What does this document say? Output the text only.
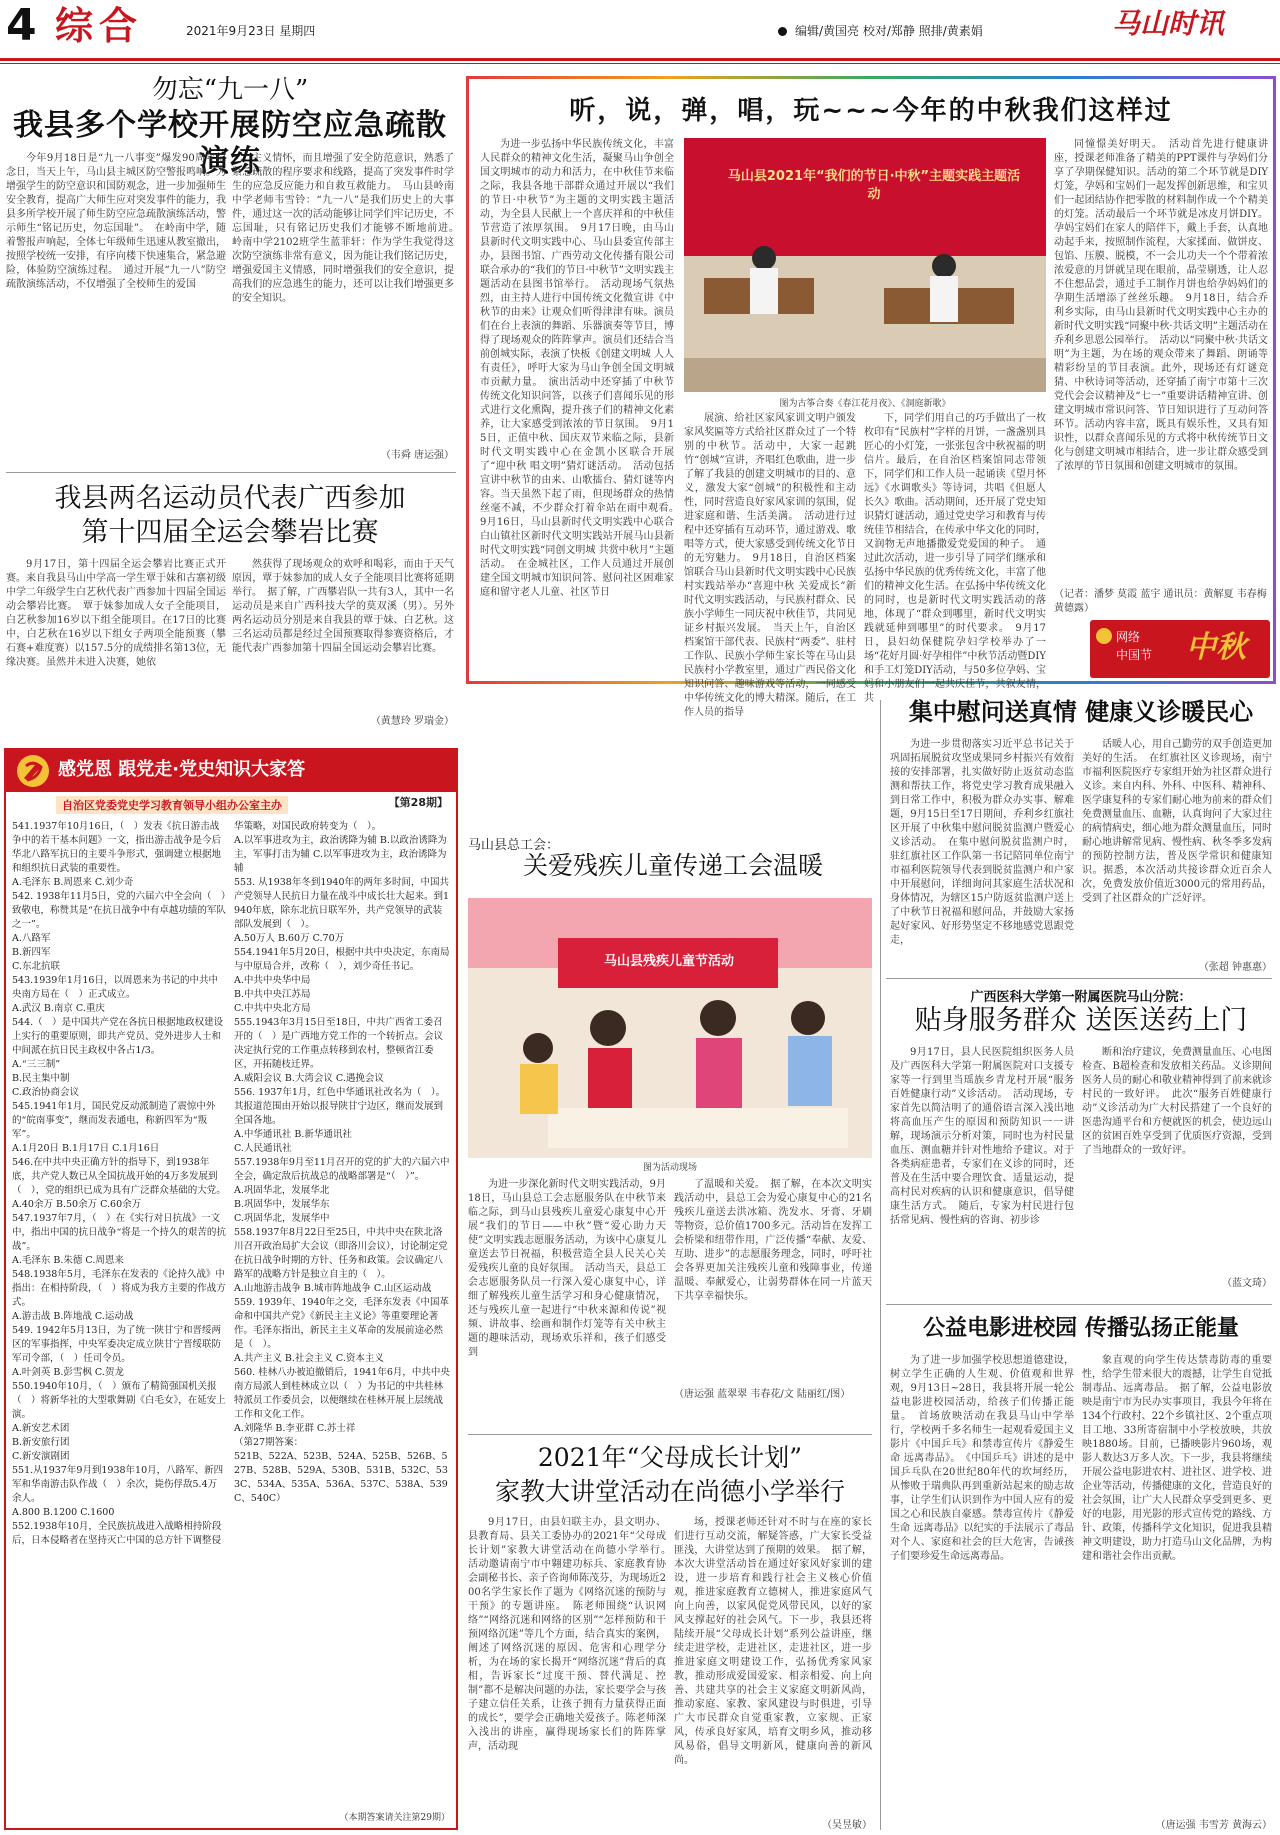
4 综合	2021年9月23日 星期四	编辑/黄国亮 校对/郑静 照排/黄素娟	马山时讯
勿忘“九一八”
我县多个学校开展防空应急疏散演练
今年9月18日是“九一八事变”爆发90周年纪念日，当天上午，马山县主城区防空警报鸣响。为增强学生的防空意识和国防观念，进一步加强师生安全教育，提高广大师生应对突发事件的能力，我县多所学校开展了师生防空应急疏散演练活动，警示师生“铭记历史，勿忘国耻”。　在岭南中学，随着警报声响起，全体七年级师生迅速从教室撤出，按照学校统一安排，有序向楼下快速集合，紧急避险，体验防空演练过程。　通过开展“九一八”防空疏散演练活动，不仅增强了全校师生的爱国
主义情怀，而且增强了安全防范意识，熟悉了紧急疏散的程序要求和线路，提高了突发事件时学生的应急反应能力和自救互救能力。　马山县岭南中学老师韦雪铃：“九一八”是我们历史上的大事件，通过这一次的活动能够让同学们牢记历史，不忘国耻，只有铭记历史我们才能够不断地前进。　岭南中学2102班学生蓝菲轩：作为学生我觉得这次防空演练非常有意义，因为能让我们铭记历史，增强爱国主义情感，同时增强我们的安全意识，提高我们的应急逃生的能力，还可以让我们增强更多的安全知识。
（韦舜 唐运强）
我县两名运动员代表广西参加
第十四届全运会攀岩比赛
9月17日，第十四届全运会攀岩比赛正式开赛。来自我县马山中学高一学生覃于妹和古寨初级中学二年级学生白艺秋代表广西参加十四届全国运动会攀岩比赛。　覃于妹参加成人女子全能项目，白艺秋参加16岁以下组全能项目。在17日的比赛中，白艺秋在16岁以下组女子两项全能预赛（攀石赛+难度赛）以157.5分的成绩排名第13位，无缘决赛。虽然并未进入决赛，她依
然获得了现场观众的欢呼和喝彩，而由于天气原因，覃于妹参加的成人女子全能项目比赛将延期举行。　据了解，广西攀岩队一共有3人，其中一名运动员是来自广西科技大学的莫双溪（男）。另外两名运动员分别是来自我县的覃于妹、白艺秋。这三名运动员都是经过全国预赛取得参赛资格后，才能代表广西参加第十四届全国运动会攀岩比赛。
（黄慧玲 罗瑞金）
感党恩 跟党走·党史知识大家答
自治区党委党史学习教育领导小组办公室主办	【第28期】

541.1937年10月16日，（　）发表《抗日游击战争中的若干基本问题》一文，指出游击战争是今后华北八路军抗日的主要斗争形式，强调建立根据地和组织抗日武装的重要性。

A.毛泽东 B.周恩来 C.刘少奇

542. 1938年11月5日，党的六届六中全会向（　）致敬电，称赞其是“在抗日战争中有卓越功绩的军队之一”。

A.八路军

B.新四军

C.东北抗联

543.1939年1月16日，以周恩来为书记的中共中央南方局在（　）正式成立。

A.武汉 B.南京 C.重庆

544.（　）是中国共产党在各抗日根据地政权建设上实行的重要原则，即共产党员、党外进步人士和中间派在抗日民主政权中各占1/3。

A.“三三制”

B.民主集中制

C.政治协商会议

545.1941年1月，国民党反动派制造了震惊中外的“皖南事变”，继而发表通电，称新四军为“叛军”。

A.1月20日 B.1月17日 C.1月16日

546.在中共中央正确方针的指导下，到1938年底，共产党人数已从全国抗战开始的4万多发展到（　），党的组织已成为具有广泛群众基础的大党。

A.40余万 B.50余万 C.60余万

547.1937年7月，（　）在《实行对日抗战》一文中，指出中国的抗日战争“将是一个持久的艰苦的抗战”。

A.毛泽东 B.朱德 C.周恩来

548.1938年5月，毛泽东在发表的《论持久战》中指出：在相持阶段，（　）将成为我方主要的作战方式。

A.游击战 B.阵地战 C.运动战

549. 1942年5月13日，为了统一陕甘宁和晋绥两区的军事指挥，中央军委决定成立陕甘宁晋绥联防军司令部，（　）任司令员。

A.叶剑英 B.彭雪枫 C.贺龙

550.1940年10月，（　）颁布了精简强国机关报（　）将新华社的大型歌舞剧《白毛女》，在延安上演。

A.新安艺术团

B.新安旅行团

C.新安演剧团

551.从1937年9月到1938年10月，八路军、新四军和华南游击队作战（　）余次，毙伤俘敌5.4万余人。

A.800 B.1200 C.1600

552.1938年10月，全民族抗战进入战略相持阶段后，日本侵略者在坚持灭亡中国的总方针下调整侵

华策略，对国民政府转变为（　）。

A.以军事进攻为主，政治诱降为辅 B.以政治诱降为主，军事打击为辅 C.以军事进攻为主，政治诱降为辅

553. 从1938年冬到1940年的两年多时间，中国共产党领导人民抗日力量在战斗中成长壮大起来。到1940年底，除东北抗日联军外，共产党领导的武装部队发展到（　）。

A.50万人 B.60万 C.70万

554.1941年5月20日，根据中共中央决定，东南局与中原局合并，改称（　），刘少奇任书记。

A.中共中央华中局

B.中共中央江苏局

C.中共中央北方局

555.1943年3月15日至18日，中共广西省工委召开的（　）是广西地方党工作的一个转折点。会议决定执行党的工作重点转移到农村，整顿省江委区，开拓随枝迁界。

A.威阳会议 B.大湾会议 C.遇挽会议

556. 1937年1月，红色中华通讯社改名为（　）。其报道范围由开始以报导陕甘宁边区，继而发展到全国各地。

A.中华通讯社 B.新华通讯社

C.人民通讯社

557.1938年9月至11月召开的党的扩大的六届六中全会，确定敌后抗战总的战略部署是“（　）”。

A.巩固华北，发展华北

B.巩固华中，发展华东

C.巩固华北，发展华中

558.1937年8月22日至25日，中共中央在陕北洛川召开政治局扩大会议（即洛川会议），讨论制定党在抗日战争时期的方针、任务和政策。会议确定八路军的战略方针是独立自主的（　）。

A.山地游击战争 B.城市阵地战争 C.山区运动战

559. 1939年、1940年之交，毛泽东发表《中国革命和中国共产党》《新民主主义论》等重要理论著作。毛泽东指出，新民主主义革命的发展前途必然是（　）。

A.共产主义 B.社会主义 C.资本主义

560. 桂林八办被迫撤销后，1941年6月，中共中央南方局派人到桂林成立以（　）为书记的中共桂林特派员工作委员会，以便继续在桂林开展上层统战工作和文化工作。

A.刘隆华 B.李亚群 C.苏士祥

（第27期答案：

521B、522A、523B、524A、525B、526B、527B、528B、529A、530B、531B、532C、533C、534A、535A、536A、537C、538A、539C、540C）

（本期答案请关注第29期）
听，说，弹，唱，玩~~~今年的中秋我们这样过
为进一步弘扬中华民族传统文化，丰富人民群众的精神文化生活，凝聚马山争创全国文明城市的动力和活力，在中秋佳节来临之际，我县各地干部群众通过开展以“我们的节日·中秋节”为主题的文明实践主题活动，为全县人民献上一个喜庆祥和的中秋佳节营造了浓厚氛围。　9月17日晚，由马山县新时代文明实践中心、马山县委宣传部主办，县图书馆、广西劳动文化传播有限公司联合承办的“我们的节日·中秋节”文明实践主题活动在县图书馆举行。　活动现场气氛热烈，由主持人进行中国传统文化微宣讲《中秋节的由来》让观众们听得津津有味。演员们在台上表演的舞蹈、乐器演奏等节目，博得了现场观众的阵阵掌声。演员们还结合当前创城实际，表演了快板《创建文明城 人人有责任》，呼吁大家为马山争创全国文明城市贡献力量。　演出活动中还穿插了中秋节传统文化知识问答，以孩子们喜闻乐见的形式进行文化熏陶，提升孩子们的精神文化素养，让大家感受到浓浓的节日氛围。　9月15日，正值中秋、国庆双节来临之际，县新时代文明实践中心在金凯小区联合开展了“迎中秋 唱文明”猜灯谜活动。　活动包括宣讲中秋节的由来、山歌擂台、猜灯谜等内容。当天虽然下起了雨，但现场群众的热情丝毫不减，不少群众打着伞站在雨中观看。　9月16日，马山县新时代文明实践中心联合白山镇社区新时代文明实践站开展马山县新时代文明实践“同创文明城 共赏中秋月”主题活动。　在金城社区，工作人员通过开展创建全国文明城市知识问答、慰问社区困难家庭和留守老人儿童、社区节日
马山县2021年“我们的节日·中秋”主题实践主题活动
图为古筝合奏《春江花月夜》、《洞庭新歌》
展演、给社区家风家训文明户颁发家风奖匾等方式给社区群众过了一个特别的中秋节。活动中，大家一起跳竹“创城”宣讲，齐唱红色歌曲，进一步了解了我县的创建文明城市的目的、意义，激发大家“创城”的积极性和主动性，同时营造良好家风家训的氛围，促进家庭和谐、生活美满。　活动进行过程中还穿插有互动环节，通过游戏、歌唱等方式，使大家感受到传统文化节日的无穷魅力。　9月18日，自治区档案馆联合马山县新时代文明实践中心民族村实践站举办“喜迎中秋 关爱成长”新时代文明实践活动，与民族村群众、民族小学师生一同庆祝中秋佳节，共同见证乡村振兴发展。　当天上午，自治区档案馆干部代表、民族村“两委”、驻村工作队、民族小学师生家长等在马山县民族村小学教室里，通过广西民俗文化知识问答、趣味游戏等活动，一同感受中华传统文化的博大精深。随后，在工作人员的指导
下，同学们用自己的巧手做出了一枚枚印有“民族村”字样的月饼，一盏盏别具匠心的小灯笼，一张张包含中秋祝福的明信片。最后，在自治区档案馆同志带领下，同学们和工作人员一起诵读《望月怀远》《水调歌头》等诗词，共唱《但愿人长久》歌曲。活动期间，还开展了党史知识猜灯谜活动，通过党史学习和教育与传统佳节相结合，在传承中华文化的同时，又润物无声地播撒爱党爱国的种子。　通过此次活动，进一步引导了同学们继承和弘扬中华民族的优秀传统文化，丰富了他们的精神文化生活。在弘扬中华传统文化的同时，也是新时代文明实践活动的落地，体现了“群众到哪里，新时代文明实践就延伸到哪里”的时代要求。　9月17日，县妇幼保健院孕妇学校举办了一场“花好月圆·好孕相伴”中秋节活动暨DIY和手工灯笼DIY活动，与50多位孕妈、宝妈和小朋友们一起共庆佳节，共叙友情，共
同憧憬美好明天。　活动首先进行健康讲座，授课老师准备了精美的PPT课件与孕妈们分享了孕期保健知识。活动的第二个环节就是DIY灯笼，孕妈和宝妈们一起发挥创新思维，和宝贝们一起团结协作把零散的材料制作成一个个精美的灯笼。活动最后一个环节就是冰皮月饼DIY。孕妈宝妈们在家人的陪伴下，戴上手套，认真地动起手来，按照制作流程，大家揉面、做饼皮、包馅、压膜、脱模，不一会儿功夫一个个带着浓浓爱意的月饼就呈现在眼前，晶莹剔透，让人忍不住想品尝，通过手工制作月饼也给孕妈妈们的孕期生活增添了丝丝乐趣。　9月18日，结合乔利乡实际，由马山县新时代文明实践中心主办的新时代文明实践“同聚中秋·共话文明”主题活动在乔利乡思恩公园举行。　活动以“同聚中秋·共话文明”为主题，为在场的观众带来了舞蹈、朗诵等精彩纷呈的节目表演。此外，现场还有灯谜竞猜、中秋诗词等活动，还穿插了南宁市第十三次党代会会议精神及“七一”重要讲话精神宣讲、创建文明城市常识问答、节日知识进行了互动问答环节。活动内容丰富，既具有娱乐性，又具有知识性，以群众喜闻乐见的方式将中秋传统节日文化与创建文明城市相结合，进一步让群众感受到了浓厚的节日氛围和创建文明城市的氛围。
（记者：潘梦 莫霞 蓝宇 通讯员：黄解夏 韦春梅 黄德露）
网络
中国节 中秋
马山县总工会：
关爱残疾儿童传递工会温暖
马山县残疾儿童节活动
图为活动现场
为进一步深化新时代文明实践活动，9月18日，马山县总工会志愿服务队在中秋节来临之际，到马山县残疾儿童爱心康复中心开展“我们的节日——中秋”暨“爱心助力天使”文明实践志愿服务活动，为该中心康复儿童送去节日祝福，积极营造全县人民关心关爱残疾儿童的良好氛围。　活动当天，县总工会志愿服务队员一行深入爱心康复中心，详细了解残疾儿童生活学习和身心健康情况，还与残疾儿童一起进行“中秋来源和传说”视频、讲故事、绘画和制作灯笼等有关中秋主题的趣味活动，现场欢乐祥和，孩子们感受到
了温暖和关爱。　据了解，在本次文明实践活动中，县总工会为爱心康复中心的21名残疾儿童送去洪冰箱、洗发水、牙膏、牙刷等物资，总价值1700多元。活动旨在发挥工会桥梁和纽带作用，广泛传播“奉献、友爱、互助、进步”的志愿服务理念，同时，呼吁社会各界更加关注残疾儿童和残障事业，传递温暖、奉献爱心，让弱势群体在同一片蓝天下共享幸福快乐。
（唐运强 蓝翠翠 韦春花/文 陆丽红/图）
2021年“父母成长计划”
家教大讲堂活动在尚德小学举行
9月17日，由县妇联主办，县文明办、县教育局、县关工委协办的2021年“父母成长计划”家教大讲堂活动在尚德小学举行。　活动邀请南宁市中翱建功标兵、家庭教育协会副秘书长、亲子咨询师陈茂芬，为现场近200名学生家长作了题为《网络沉迷的预防与干预》的专题讲座。　陈老师围绕“认识网络”“网络沉迷和网络的区别”“怎样预防和干预网络沉迷”等几个方面，结合真实的案例，阐述了网络沉迷的原因、危害和心理学分析，为在场的家长揭开“网络沉迷”背后的真相，告诉家长“过度干预、替代满足、控制”都不是解决问题的办法，家长要学会与孩子建立信任关系，让孩子拥有力量获得正面的成长”，要学会正确地关爱孩子。陈老师深入浅出的讲座，赢得现场家长们的阵阵掌声，活动现
场，授课老师还针对不时与在座的家长们进行互动交流，解疑答惑，广大家长受益匪浅，大讲堂达到了预期的效果。　据了解，本次大讲堂活动旨在通过好家风好家训的建设，进一步培育和践行社会主义核心价值观，推进家庭教育立德树人，推进家庭风气向上向善，以家风促党风带民风，以好的家风支撑起好的社会风气。下一步，我县还将陆续开展“父母成长计划”系列公益讲座，继续走进学校，走进社区，走进社区，进一步推进家庭文明建设工作，弘扬优秀家风家教，推动形成爱国爱家、相亲相爱、向上向善、共建共享的社会主义家庭文明新风尚，推动家庭、家教、家风建设与时俱进，引导广大市民群众自觉重家教，立家规、正家风，传承良好家风，培育文明乡风，推动移风易俗，倡导文明新风，健康向善的新风尚。
（吴昱敏）
集中慰问送真情 健康义诊暖民心
为进一步贯彻落实习近平总书记关于巩固拓展脱贫攻坚成果同乡村振兴有效衔接的安排部署，扎实做好防止返贫动态监测和帮扶工作，将党史学习教育成果融入到日常工作中，积极为群众办实事、解难题，9月15日至17日期间，乔利乡红旗社区开展了中秋集中慰问脱贫监测户暨爱心义诊活动。　在集中慰问脱贫监测户时，驻红旗社区工作队第一书记陪同单位南宁市福利医院领导代表到脱贫监测户和户家中开展慰问，详细询问其家庭生活状况和身体情况，为辖区15户防返贫监测户送上了中秋节日祝福和慰问品，并鼓励大家扬起好家风、好形势坚定不移地感党恩跟党走，
话暖人心，用自己勤劳的双手创造更加美好的生活。　在红旗社区义诊现场，南宁市福利医院医疗专家组开始为社区群众进行义诊。来自内科、外科、中医科、精神科、医学康复科的专家们耐心地为前来的群众们免费测量血压、血糖，认真询问了大家过往的病情病史，细心地为群众测量血压，同时耐心地讲解常见病、慢性病、秋冬季多发病的预防控制方法，普及医学常识和健康知识。据悉，本次活动共接诊群众近百余人次，免费发放价值近3000元的常用药品，受到了社区群众的广泛好评。
（张超 钟惠惠）
广西医科大学第一附属医院马山分院：
贴身服务群众 送医送药上门
9月17日，县人民医院组织医务人员及广西医科大学第一附属医院对口支援专家等一行到里当瑶族乡青龙村开展“服务百姓健康行动”义诊活动。　活动现场，专家首先以简洁明了的通俗语言深入浅出地将高血压产生的原因和预防知识一一讲解，现场演示分析对策，同时也为村民量血压、测血糖并针对性地给予建议。对于各类病症患者，专家们在义诊的同时，还普及在生活中要合理饮食、适量运动，提高村民对疾病的认识和健康意识，倡导健康生活方式。　随后，专家为村民进行包括常见病、慢性病的咨询、初步诊
断和治疗建议，免费测量血压、心电图检查、B超检查和发放相关药品。义诊期间医务人员的耐心和敬业精神得到了前来就诊村民的一致好评。　此次“服务百姓健康行动”义诊活动为广大村民搭建了一个良好的医患沟通平台和方便就医的机会，使边远山区的贫困百姓享受到了优质医疗资源，受到了当地群众的一致好评。
（蓝文琦）
公益电影进校园 传播弘扬正能量
为了进一步加强学校思想道德建设，树立学生正确的人生观、价值观和世界观，9月13日~28日，我县将开展一轮公益电影进校园活动，给孩子们传播正能量。　首场放映活动在我县马山中学举行，学校两千多名师生一起观看爱国主义影片《中国乒乓》和禁毒宣传片《静爱生命 远离毒品》。　《中国乒乓》讲述的是中国乒乓队在20世纪80年代的坎坷经历，从惨败于瑞典队再到重新站起来的励志故事，让学生们认识到作为中国人应有的爱国之心和民族自豪感。禁毒宣传片《静爱生命 远离毒品》以纪实的手法展示了毒品对个人、家庭和社会的巨大危害，告诫孩子们要珍爱生命远离毒品。
象直观的向学生传达禁毒防毒的重要性，给学生带来很大的震撼，让学生自觉抵制毒品、远离毒品。　据了解，公益电影放映是南宁市为民办实事项目，我县今年将在134个行政村、22个乡镇社区、2个重点项目工地、33所寄宿制中小学校放映，共放映1880场。目前，已播映影片960场，观影人数达3万多人次。下一步，我县将继续开展公益电影进农村、进社区、进学校、进企业等活动，传播健康的文化，营造良好的社会氛围，让广大人民群众享受到更多、更好的电影，用光影的形式宣传党的路线、方针、政策，传播科学文化知识，促进我县精神文明建设，助力打造马山文化品牌，为构建和谐社会作出贡献。
（唐运强 韦雪芳 黄海云）
